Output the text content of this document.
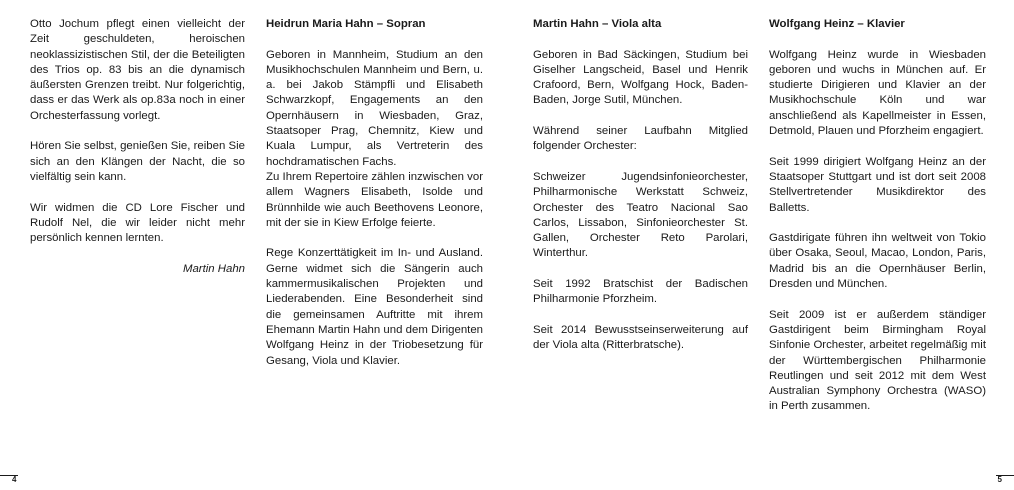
Otto Jochum pflegt einen vielleicht der Zeit geschuldeten, heroischen neoklassizistischen Stil, der die Beteiligten des Trios op. 83 bis an die dynamisch äußersten Grenzen treibt. Nur folgerichtig, dass er das Werk als op.83a noch in einer Orchesterfassung vorlegt.

Hören Sie selbst, genießen Sie, reiben Sie sich an den Klängen der Nacht, die so vielfältig sein kann.

Wir widmen die CD Lore Fischer und Rudolf Nel, die wir leider nicht mehr persönlich kennen lernten.

Martin Hahn

Heidrun Maria Hahn – Sopran

Geboren in Mannheim, Studium an den Musikhochschulen Mannheim und Bern, u. a. bei Jakob Stämpfli und Elisabeth Schwarzkopf, Engagements an den Opernhäusern in Wiesbaden, Graz, Staatsoper Prag, Chemnitz, Kiew und Kuala Lumpur, als Vertreterin des hochdramatischen Fachs.

Zu Ihrem Repertoire zählen inzwischen vor allem Wagners Elisabeth, Isolde und Brünnhilde wie auch Beethovens Leonore, mit der sie in Kiew Erfolge feierte.

Rege Konzerttätigkeit im In- und Ausland. Gerne widmet sich die Sängerin auch kammermusikalischen Projekten und Liederabenden. Eine Besonderheit sind die gemeinsamen Auftritte mit ihrem Ehemann Martin Hahn und dem Dirigenten Wolfgang Heinz in der Triobesetzung für Gesang, Viola und Klavier.

Martin Hahn – Viola alta

Geboren in Bad Säckingen, Studium bei Giselher Langscheid, Basel und Henrik Crafoord, Bern, Wolfgang Hock, Baden-Baden, Jorge Sutil, München.

Während seiner Laufbahn Mitglied folgender Orchester:

Schweizer Jugendsinfonieorchester, Philharmonische Werkstatt Schweiz, Orchester des Teatro Nacional Sao Carlos, Lissabon, Sinfonieorchester St. Gallen, Orchester Reto Parolari, Winterthur.

Seit 1992 Bratschist der Badischen Philharmonie Pforzheim.

Seit 2014 Bewusstseinserweiterung auf der Viola alta (Ritterbratsche).

Wolfgang Heinz – Klavier

Wolfgang Heinz wurde in Wiesbaden geboren und wuchs in München auf. Er studierte Dirigieren und Klavier an der Musikhochschule Köln und war anschließend als Kapellmeister in Essen, Detmold, Plauen und Pforzheim engagiert.

Seit 1999 dirigiert Wolfgang Heinz an der Staatsoper Stuttgart und ist dort seit 2008 Stellvertretender Musikdirektor des Balletts.

Gastdirigate führen ihn weltweit von Tokio über Osaka, Seoul, Macao, London, Paris, Madrid bis an die Opernhäuser Berlin, Dresden und München.

Seit 2009 ist er außerdem ständiger Gastdirigent beim Birmingham Royal Sinfonie Orchester, arbeitet regelmäßig mit der Württembergischen Philharmonie Reutlingen und seit 2012 mit dem West Australian Symphony Orchestra (WASO) in Perth zusammen.

4	5
